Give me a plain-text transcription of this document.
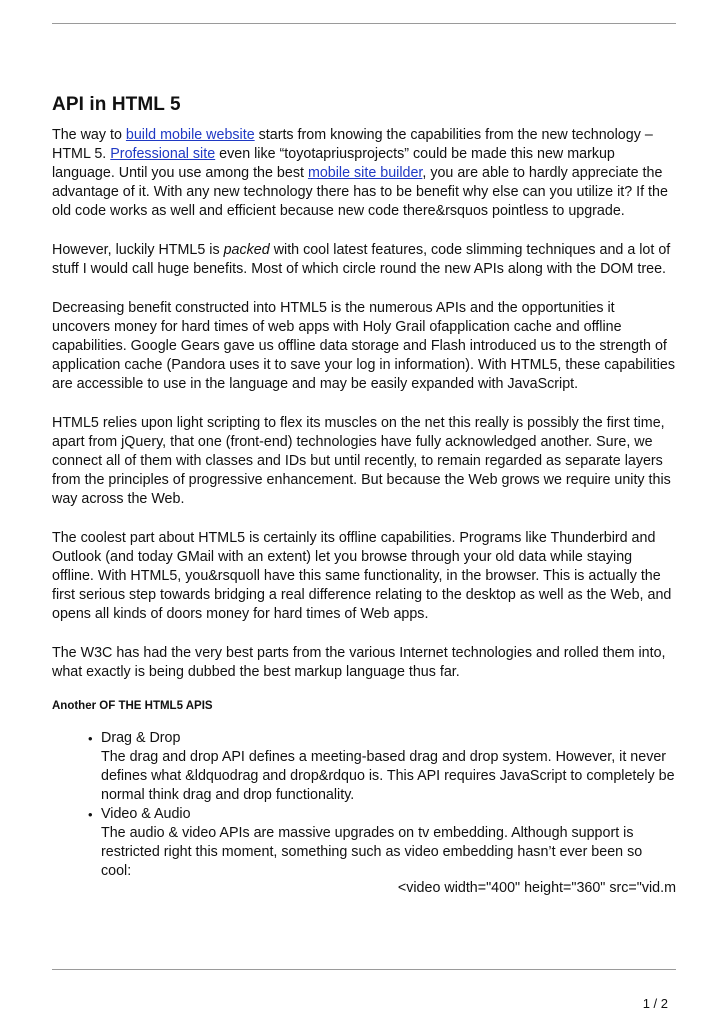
API in HTML 5

The way to build mobile website starts from knowing the capabilities from the new technology – HTML 5. Professional site even like “toyotapriusprojects” could be made this new markup language. Until you use among the best mobile site builder, you are able to hardly appreciate the advantage of it. With any new technology there has to be benefit why else can you utilize it? If the old code works as well and efficient because new code there&rsquos pointless to upgrade.

However, luckily HTML5 is packed with cool latest features, code slimming techniques and a lot of stuff I would call huge benefits. Most of which circle round the new APIs along with the DOM tree.

Decreasing benefit constructed into HTML5 is the numerous APIs and the opportunities it uncovers money for hard times of web apps with Holy Grail ofapplication cache and offline capabilities. Google Gears gave us offline data storage and Flash introduced us to the strength of application cache (Pandora uses it to save your log in information). With HTML5, these capabilities are accessible to use in the language and may be easily expanded with JavaScript.

HTML5 relies upon light scripting to flex its muscles on the net this really is possibly the first time, apart from jQuery, that one (front-end) technologies have fully acknowledged another. Sure, we connect all of them with classes and IDs but until recently, to remain regarded as separate layers from the principles of progressive enhancement. But because the Web grows we require unity this way across the Web.

The coolest part about HTML5 is certainly its offline capabilities. Programs like Thunderbird and Outlook (and today GMail with an extent) let you browse through your old data while staying offline. With HTML5, you&rsquoll have this same functionality, in the browser. This is actually the first serious step towards bridging a real difference relating to the desktop as well as the Web, and opens all kinds of doors money for hard times of Web apps.

The W3C has had the very best parts from the various Internet technologies and rolled them into, what exactly is being dubbed the best markup language thus far.

Another OF THE HTML5 APIS
• Drag & Drop
The drag and drop API defines a meeting-based drag and drop system. However, it never defines what &ldquodrag and drop&rdquo is. This API requires JavaScript to completely be normal think drag and drop functionality.
• Video & Audio
The audio & video APIs are massive upgrades on tv embedding. Although support is restricted right this moment, something such as video embedding hasn’t ever been so cool:
<video width="400" height="360" src="vid.m
1 / 2
